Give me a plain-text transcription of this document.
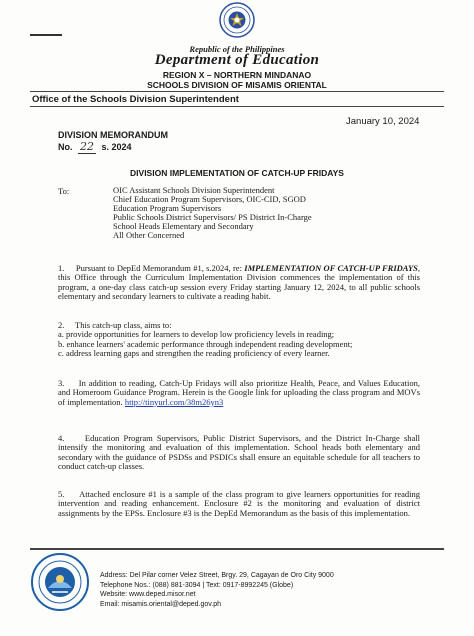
Republic of the Philippines
Department of Education
REGION X – NORTHERN MINDANAO
SCHOOLS DIVISION OF MISAMIS ORIENTAL
Office of the Schools Division Superintendent
January 10, 2024
DIVISION MEMORANDUM
No. 22 s. 2024
DIVISION IMPLEMENTATION OF CATCH-UP FRIDAYS
To:	OIC Assistant Schools Division Superintendent
Chief Education Program Supervisors, OIC-CID, SGOD
Education Program Supervisors
Public Schools District Supervisors/ PS District In-Charge
School Heads Elementary and Secondary
All Other Concerned
1. Pursuant to DepEd Memorandum #1, s.2024, re: IMPLEMENTATION OF CATCH-UP FRIDAYS, this Office through the Curriculum Implementation Division commences the implementation of this program, a one-day class catch-up session every Friday starting January 12, 2024, to all public schools elementary and secondary learners to cultivate a reading habit.
2. This catch-up class, aims to:
a. provide opportunities for learners to develop low proficiency levels in reading;
b. enhance learners' academic performance through independent reading development;
c. address learning gaps and strengthen the reading proficiency of every learner.
3. In addition to reading, Catch-Up Fridays will also prioritize Health, Peace, and Values Education, and Homeroom Guidance Program. Herein is the Google link for uploading the class program and MOVs of implementation. http://tinyurl.com/38m26yn3
4. Education Program Supervisors, Public District Supervisors, and the District In-Charge shall intensify the monitoring and evaluation of this implementation. School heads both elementary and secondary with the guidance of PSDSs and PSDICs shall ensure an equitable schedule for all teachers to conduct catch-up classes.
5. Attached enclosure #1 is a sample of the class program to give learners opportunities for reading intervention and reading enhancement. Enclosure #2 is the monitoring and evaluation of district assignments by the EPSs. Enclosure #3 is the DepEd Memorandum as the basis of this implementation.
Address: Del Pilar corner Velez Street, Brgy. 29, Cagayan de Oro City 9000
Telephone Nos.: (088) 881-3094 | Text: 0917-8992245 (Globe)
Website: www.deped.misor.net
Email: misamis.oriental@deped.gov.ph
